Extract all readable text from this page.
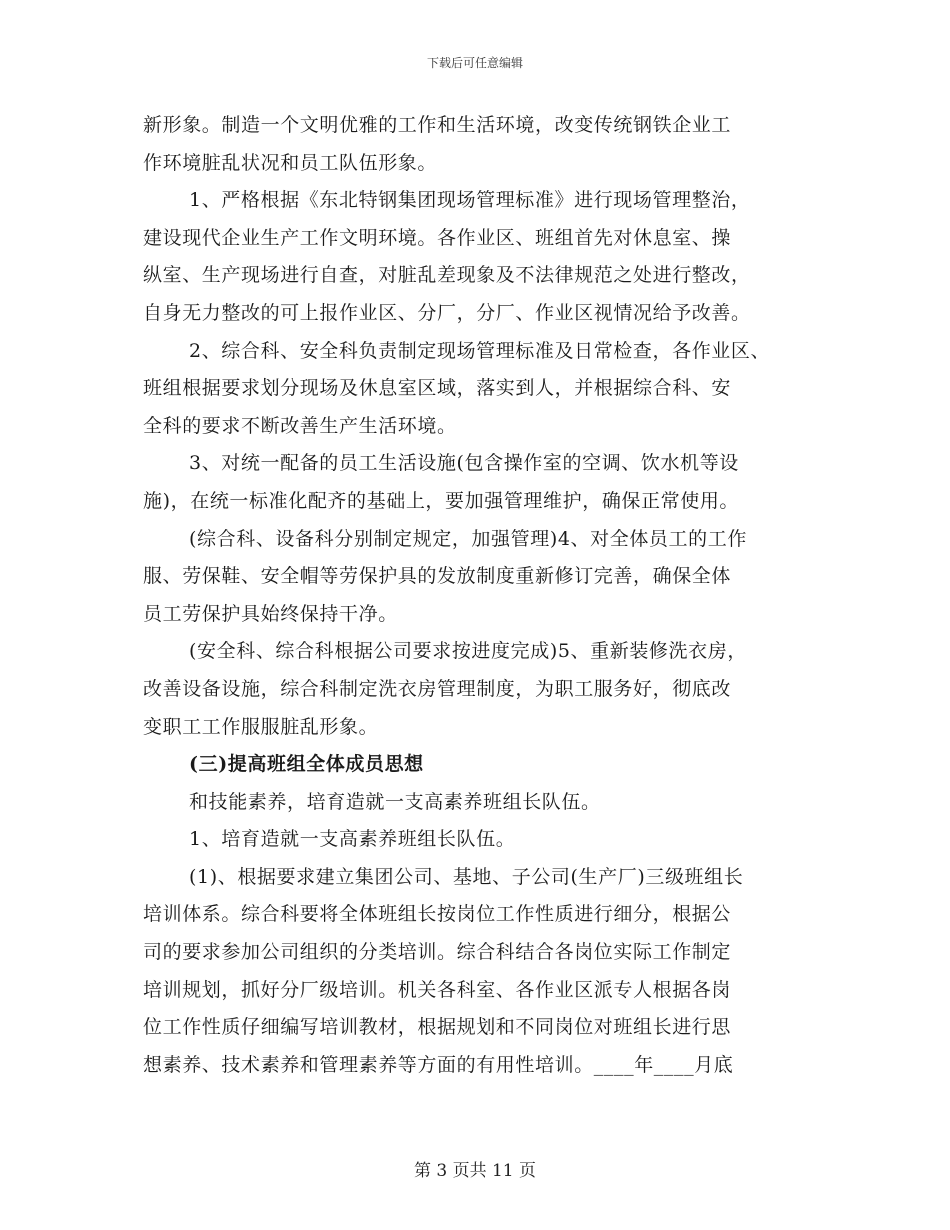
下载后可任意编辑
新形象。制造一个文明优雅的工作和生活环境，改变传统钢铁企业工
作环境脏乱状况和员工队伍形象。
1、严格根据《东北特钢集团现场管理标准》进行现场管理整治，
建设现代企业生产工作文明环境。各作业区、班组首先对休息室、操
纵室、生产现场进行自查，对脏乱差现象及不法律规范之处进行整改，
自身无力整改的可上报作业区、分厂，分厂、作业区视情况给予改善。
2、综合科、安全科负责制定现场管理标准及日常检查，各作业区、
班组根据要求划分现场及休息室区域，落实到人，并根据综合科、安
全科的要求不断改善生产生活环境。
3、对统一配备的员工生活设施(包含操作室的空调、饮水机等设
施)，在统一标准化配齐的基础上，要加强管理维护，确保正常使用。
(综合科、设备科分别制定规定，加强管理)4、对全体员工的工作
服、劳保鞋、安全帽等劳保护具的发放制度重新修订完善，确保全体
员工劳保护具始终保持干净。
(安全科、综合科根据公司要求按进度完成)5、重新装修洗衣房，
改善设备设施，综合科制定洗衣房管理制度，为职工服务好，彻底改
变职工工作服服脏乱形象。
(三)提高班组全体成员思想
和技能素养，培育造就一支高素养班组长队伍。
1、培育造就一支高素养班组长队伍。
(1)、根据要求建立集团公司、基地、子公司(生产厂)三级班组长
培训体系。综合科要将全体班组长按岗位工作性质进行细分，根据公
司的要求参加公司组织的分类培训。综合科结合各岗位实际工作制定
培训规划，抓好分厂级培训。机关各科室、各作业区派专人根据各岗
位工作性质仔细编写培训教材，根据规划和不同岗位对班组长进行思
想素养、技术素养和管理素养等方面的有用性培训。____年____月底
第 3 页共 11 页
